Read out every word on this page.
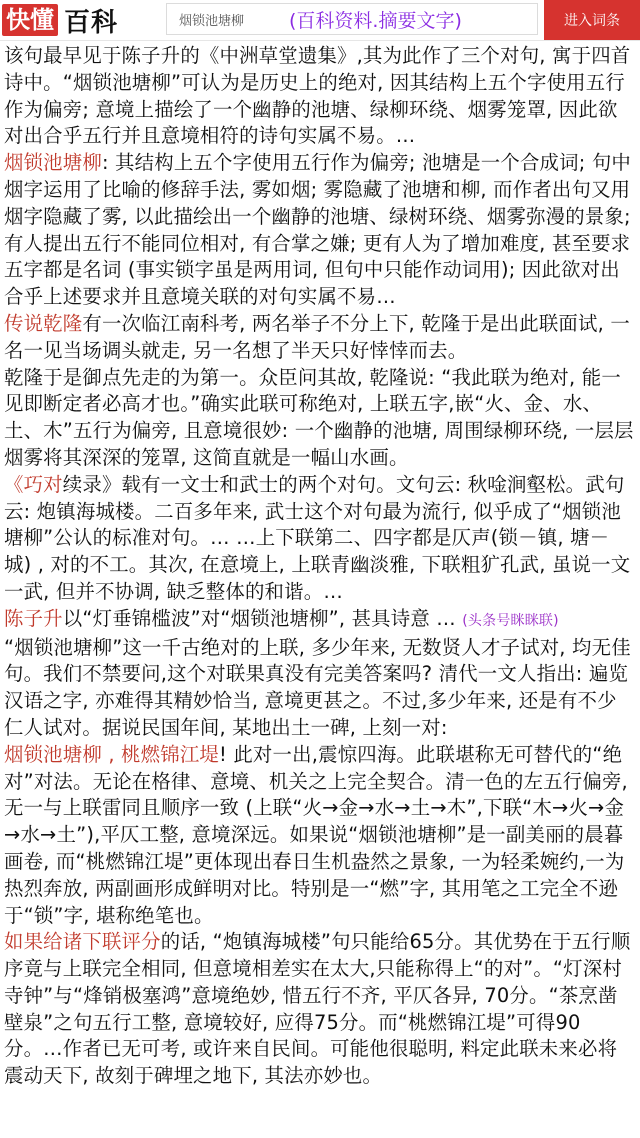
快懂 百科
烟锁池塘柳	(百科资料.摘要文字)	进入词条

该句最早见于陈子升的《中洲草堂遗集》,其为此作了三个对句, 寓于四首诗中。“烟锁池塘柳”可认为是历史上的绝对, 因其结构上五个字使用五行作为偏旁; 意境上描绘了一个幽静的池塘、绿柳环绕、烟雾笼罩, 因此欲对出合乎五行并且意境相符的诗句实属不易。…

烟锁池塘柳: 其结构上五个字使用五行作为偏旁; 池塘是一个合成词; 句中烟字运用了比喻的修辞手法, 雾如烟; 雾隐藏了池塘和柳, 而作者出句又用烟字隐藏了雾, 以此描绘出一个幽静的池塘、绿树环绕、烟雾弥漫的景象; 有人提出五行不能同位相对, 有合掌之嫌; 更有人为了增加难度, 甚至要求五字都是名词 (事实锁字虽是两用词, 但句中只能作动词用); 因此欲对出合乎上述要求并且意境关联的对句实属不易…

传说乾隆有一次临江南科考, 两名举子不分上下, 乾隆于是出此联面试, 一名一见当场调头就走, 另一名想了半天只好悻悻而去。

乾隆于是御点先走的为第一。众臣问其故, 乾隆说: “我此联为绝对, 能一见即断定者必高才也。”确实此联可称绝对, 上联五字,嵌“火、金、水、土、木”五行为偏旁, 且意境很妙: 一个幽静的池塘, 周围绿柳环绕, 一层层烟雾将其深深的笼罩, 这简直就是一幅山水画。

《巧对续录》载有一文士和武士的两个对句。文句云: 秋唫涧壑松。武句云: 炮镇海城楼。二百多年来, 武士这个对句最为流行, 似乎成了“烟锁池塘柳”公认的标准对句。… …上下联第二、四字都是仄声(锁－镇, 塘－城) , 对的不工。其次, 在意境上, 上联青幽淡雅, 下联粗犷孔武, 虽说一文一武, 但并不协调, 缺乏整体的和谐。…

陈子升以“灯垂锦槛波”对“烟锁池塘柳”, 甚具诗意 … (头条号眯眯联)

“烟锁池塘柳”这一千古绝对的上联, 多少年来, 无数贤人才子试对, 均无佳句。我们不禁要问,这个对联果真没有完美答案吗? 清代一文人指出: 遍览汉语之字, 亦难得其精妙恰当, 意境更甚之。不过,多少年来, 还是有不少仁人试对。据说民国年间, 某地出土一碑, 上刻一对:

烟锁池塘柳 , 桃燃锦江堤! 此对一出,震惊四海。此联堪称无可替代的“绝对”对法。无论在格律、意境、机关之上完全契合。清一色的左五行偏旁, 无一与上联雷同且顺序一致 (上联“火→金→水→土→木”,下联“木→火→金→水→土”),平仄工整, 意境深远。如果说“烟锁池塘柳”是一副美丽的晨暮画卷, 而“桃燃锦江堤”更体现出春日生机盎然之景象, 一为轻柔婉约,一为热烈奔放, 两副画形成鲜明对比。特别是一“燃”字, 其用笔之工完全不逊于“锁”字, 堪称绝笔也。

如果给诸下联评分的话, “炮镇海城楼”句只能给65分。其优势在于五行顺序竟与上联完全相同, 但意境相差实在太大,只能称得上“的对”。“灯深村寺钟”与“烽销极塞鸿”意境绝妙, 惜五行不齐, 平仄各异, 70分。“茶烹凿壁泉”之句五行工整, 意境较好, 应得75分。而“桃燃锦江堤”可得90分。…作者已无可考, 或许来自民间。可能他很聪明, 料定此联未来必将震动天下, 故刻于碑埋之地下, 其法亦妙也。
